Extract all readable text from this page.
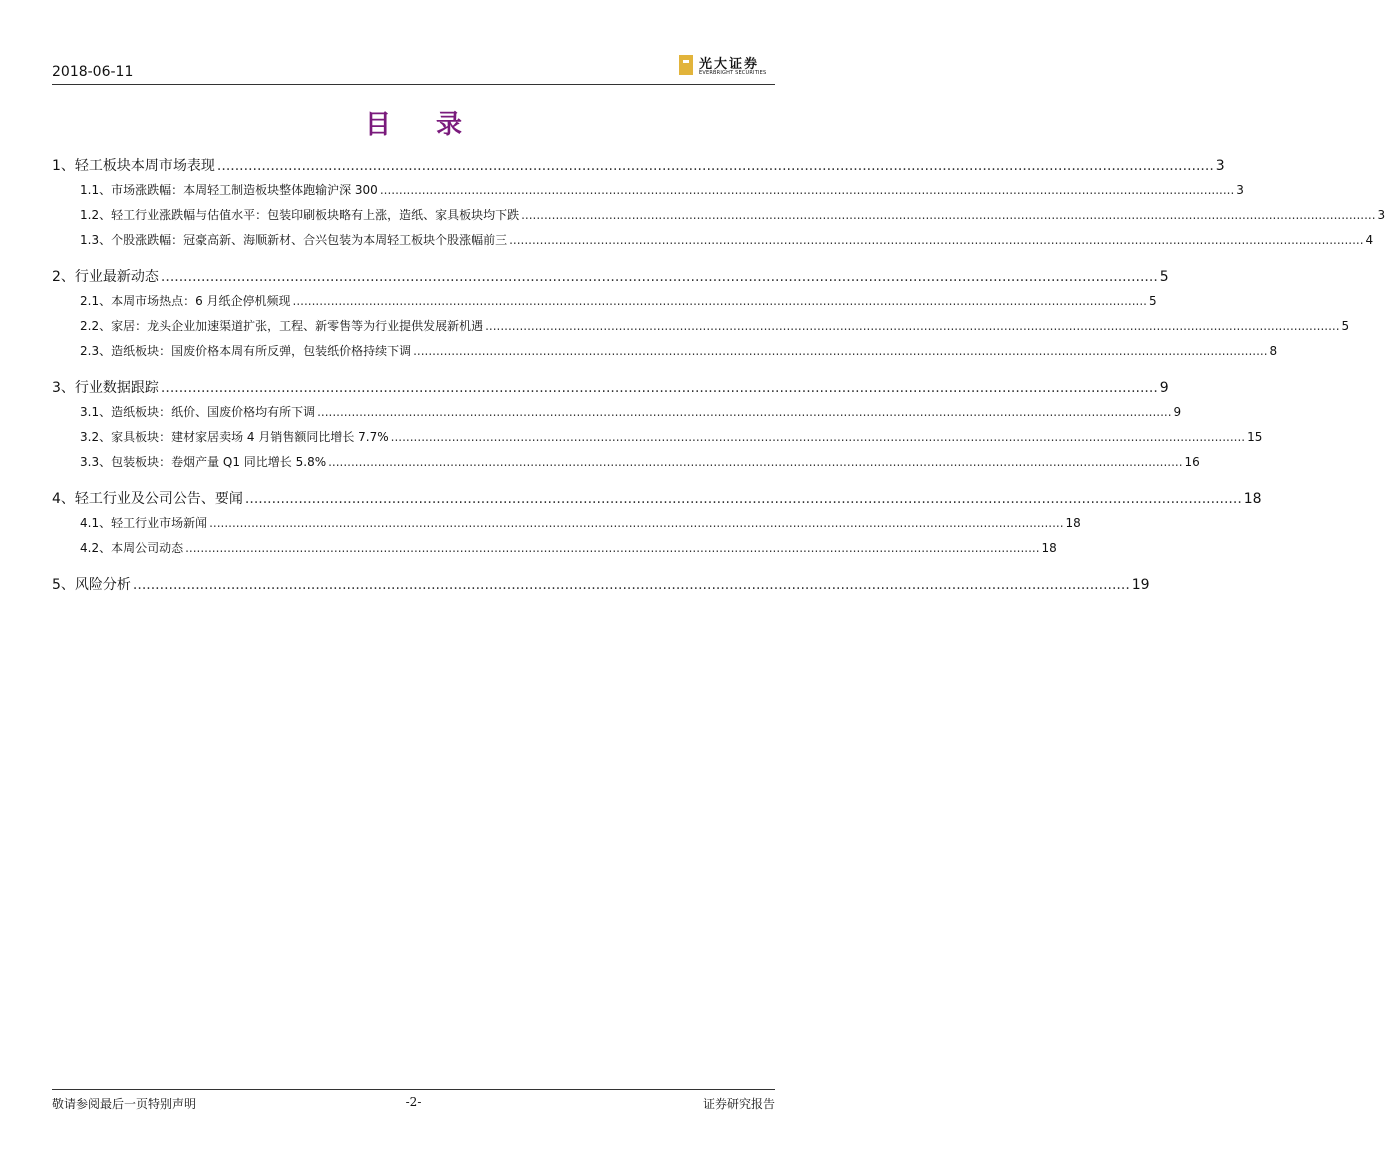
2018-06-11	光大证券
EVERBRIGHT SECURITIES
目 录
1、 轻工板块本周市场表现 .....	3
1.1、 市场涨跌幅：本周轻工制造板块整体跑输沪深 300 .....	3
1.2、 轻工行业涨跌幅与估值水平：包装印刷板块略有上涨，造纸、家具板块均下跌 .....	3
1.3、 个股涨跌幅：冠豪高新、海顺新材、合兴包装为本周轻工板块个股涨幅前三 .....	4
2、 行业最新动态 .....	5
2.1、 本周市场热点：6 月纸企停机频现 .....	5
2.2、 家居：龙头企业加速渠道扩张，工程、新零售等为行业提供发展新机遇 .....	5
2.3、 造纸板块：国废价格本周有所反弹，包装纸价格持续下调 .....	8
3、 行业数据跟踪 .....	9
3.1、 造纸板块：纸价、国废价格均有所下调 .....	9
3.2、 家具板块：建材家居卖场 4 月销售额同比增长 7.7% .....	15
3.3、 包装板块：卷烟产量 Q1 同比增长 5.8% .....	16
4、 轻工行业及公司公告、要闻 .....	18
4.1、 轻工行业市场新闻 .....	18
4.2、 本周公司动态 .....	18
5、 风险分析 .....	19
敬请参阅最后一页特别声明	-2-	证券研究报告
